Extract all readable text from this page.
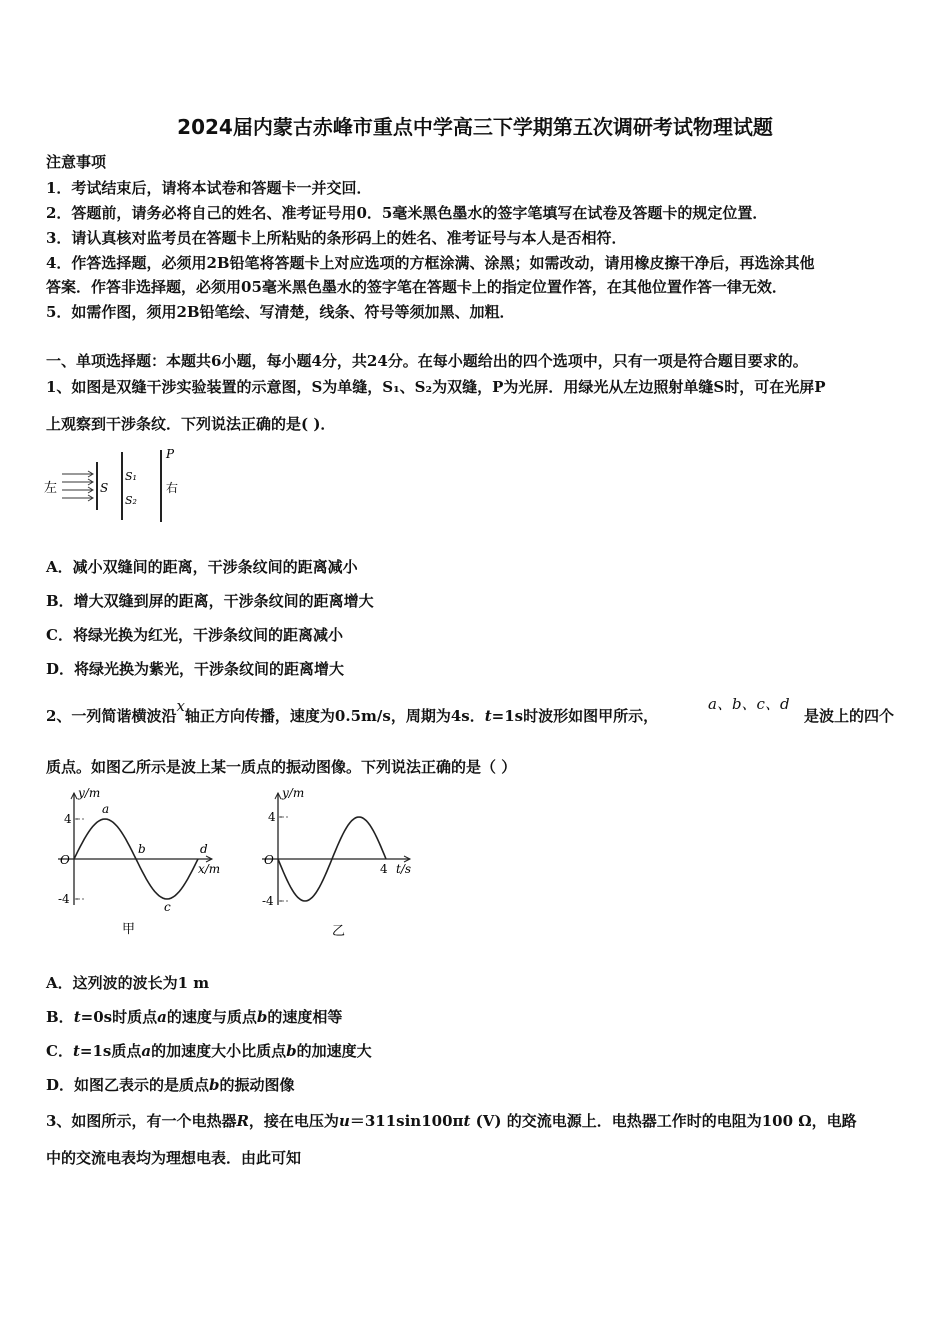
2024届内蒙古赤峰市重点中学高三下学期第五次调研考试物理试题
注意事项
1．考试结束后，请将本试卷和答题卡一并交回．
2．答题前，请务必将自己的姓名、准考证号用0．5毫米黑色墨水的签字笔填写在试卷及答题卡的规定位置．
3．请认真核对监考员在答题卡上所粘贴的条形码上的姓名、准考证号与本人是否相符．
4．作答选择题，必须用2B铅笔将答题卡上对应选项的方框涂满、涂黑；如需改动，请用橡皮擦干净后，再选涂其他
答案．作答非选择题，必须用05毫米黑色墨水的签字笔在答题卡上的指定位置作答，在其他位置作答一律无效．
5．如需作图，须用2B铅笔绘、写清楚，线条、符号等须加黑、加粗．
一、单项选择题：本题共6小题，每小题4分，共24分。在每小题给出的四个选项中，只有一项是符合题目要求的。
1、如图是双缝干涉实验装置的示意图，S为单缝，S₁、S₂为双缝，P为光屏．用绿光从左边照射单缝S时，可在光屏P
上观察到干涉条纹．下列说法正确的是( )．
左	S
S₁
S₂
P
右
A．减小双缝间的距离，干涉条纹间的距离减小
B．增大双缝到屏的距离，干涉条纹间的距离增大
C．将绿光换为红光，干涉条纹间的距离减小
D．将绿光换为紫光，干涉条纹间的距离增大
2、一列简谐横波沿x轴正方向传播，速度为0.5m/s，周期为4s．t=1s时波形如图甲所示，
a、b、c、d
是波上的四个
质点。如图乙所示是波上某一质点的振动图像。下列说法正确的是（ ）
y/m
x/m
O
4
-4
a
b
c
d
甲
y/m
t/s
O
4
-4
4
乙
A．这列波的波长为1 m
B．t=0s时质点a的速度与质点b的速度相等
C．t=1s质点a的加速度大小比质点b的加速度大
D．如图乙表示的是质点b的振动图像
3、如图所示，有一个电热器R，接在电压为u＝311sin100πt (V) 的交流电源上．电热器工作时的电阻为100 Ω，电路
中的交流电表均为理想电表．由此可知
